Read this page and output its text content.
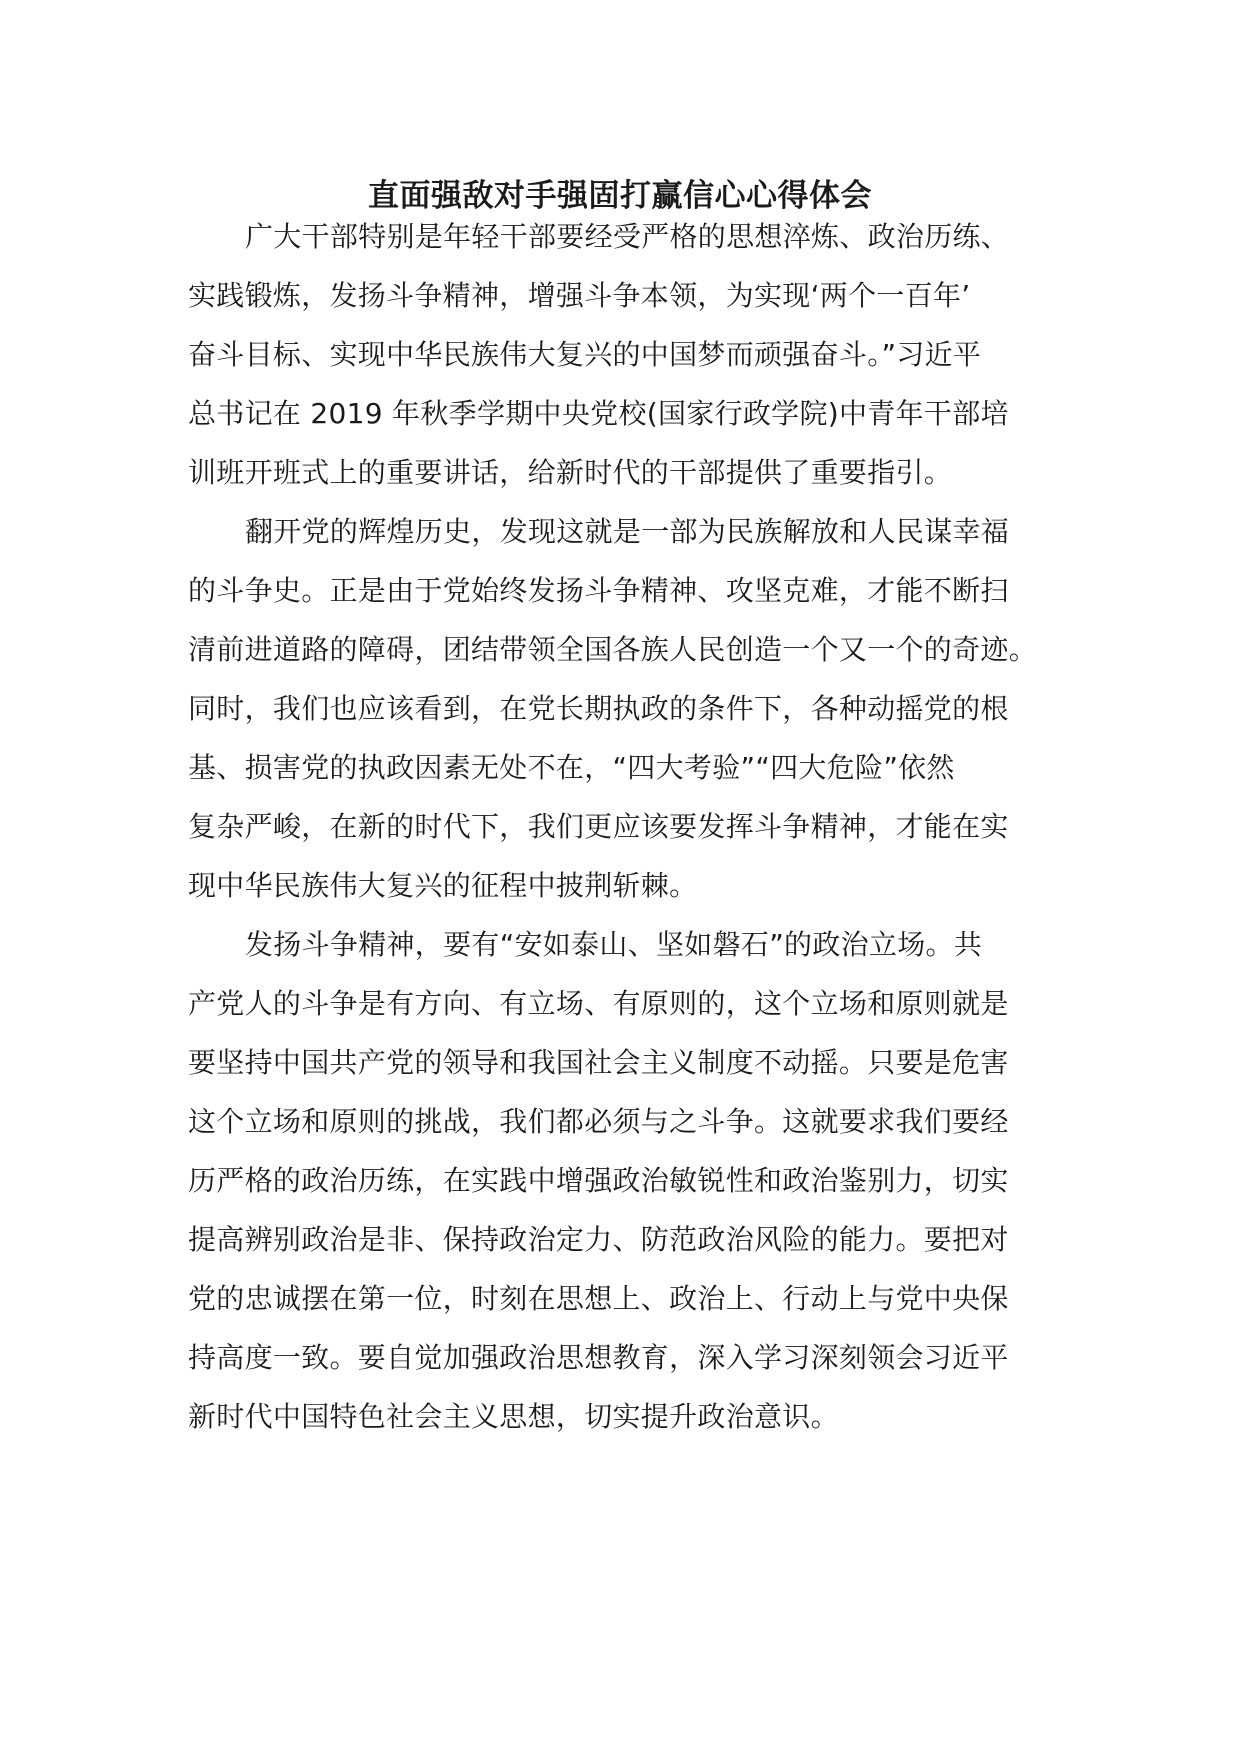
直面强敌对手强固打赢信心心得体会
广大干部特别是年轻干部要经受严格的思想淬炼、政治历练、
实践锻炼，发扬斗争精神，增强斗争本领，为实现‘两个一百年’
奋斗目标、实现中华民族伟大复兴的中国梦而顽强奋斗。”习近平
总书记在 2019 年秋季学期中央党校(国家行政学院)中青年干部培
训班开班式上的重要讲话，给新时代的干部提供了重要指引。
翻开党的辉煌历史，发现这就是一部为民族解放和人民谋幸福
的斗争史。正是由于党始终发扬斗争精神、攻坚克难，才能不断扫
清前进道路的障碍，团结带领全国各族人民创造一个又一个的奇迹。
同时，我们也应该看到，在党长期执政的条件下，各种动摇党的根
基、损害党的执政因素无处不在，“四大考验”“四大危险”依然
复杂严峻，在新的时代下，我们更应该要发挥斗争精神，才能在实
现中华民族伟大复兴的征程中披荆斩棘。
发扬斗争精神，要有“安如泰山、坚如磐石”的政治立场。共
产党人的斗争是有方向、有立场、有原则的，这个立场和原则就是
要坚持中国共产党的领导和我国社会主义制度不动摇。只要是危害
这个立场和原则的挑战，我们都必须与之斗争。这就要求我们要经
历严格的政治历练，在实践中增强政治敏锐性和政治鉴别力，切实
提高辨别政治是非、保持政治定力、防范政治风险的能力。要把对
党的忠诚摆在第一位，时刻在思想上、政治上、行动上与党中央保
持高度一致。要自觉加强政治思想教育，深入学习深刻领会习近平
新时代中国特色社会主义思想，切实提升政治意识。
